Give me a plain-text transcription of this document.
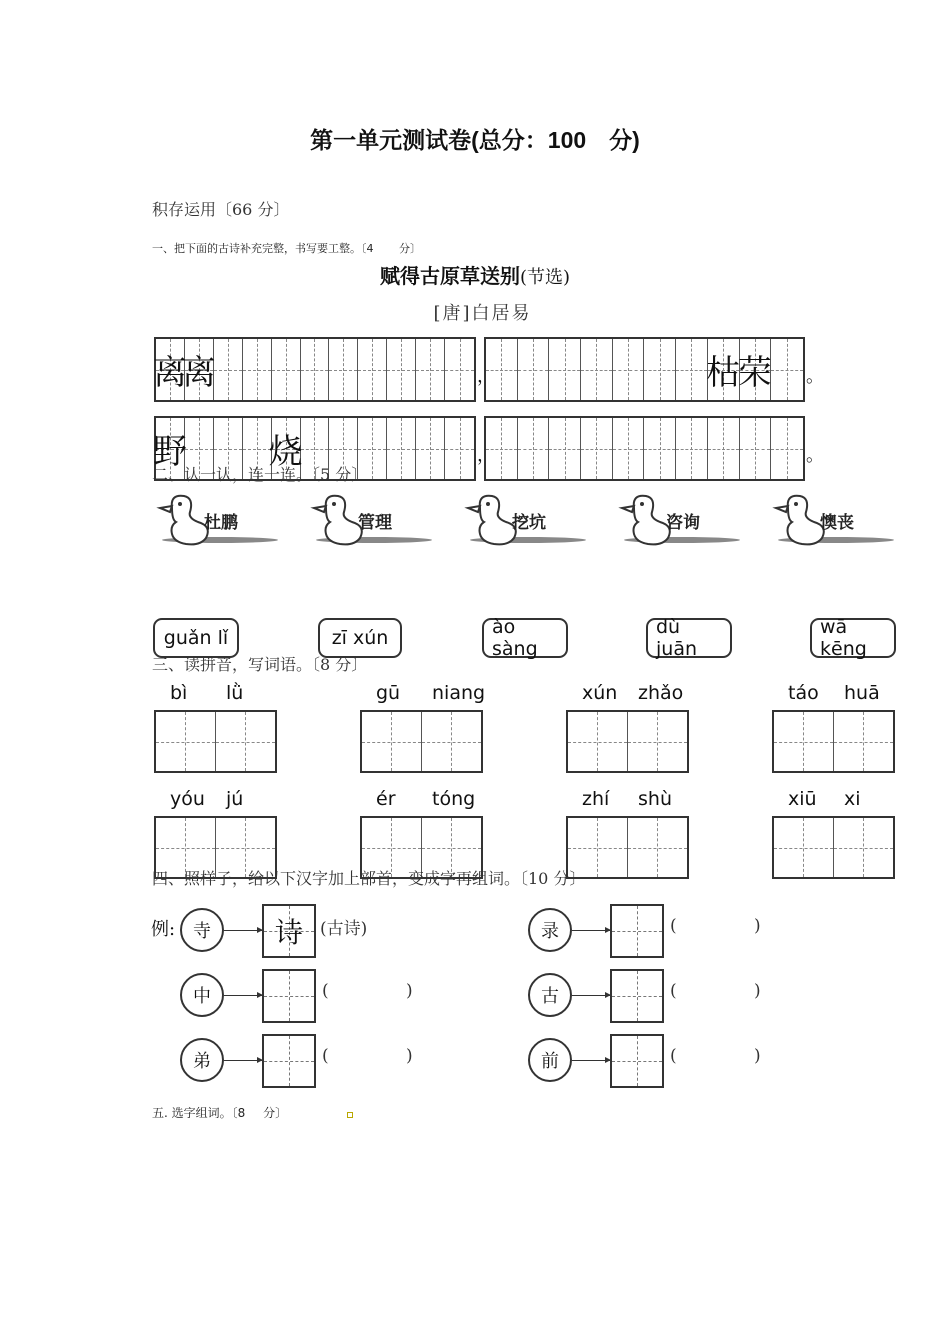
第一单元测试卷(总分：100　分)
积存运用〔66 分〕
一、把下面的古诗补充完整，书写要工整。〔4 分〕
赋得古原草送别(节选)
[唐]白居易
离
离	，	枯
荣 。
野 烧	，	。
二、认一认，连一连。〔5 分〕
杜鹏	管理	挖坑	咨询	懊丧
guǎn lǐ	zī xún	ào sàng
dù juān
wā kēng
三、读拼音，写词语。〔8 分〕
bì lǜ	gū niang	xún zhǎo	táo huā
yóu jú	ér tóng	zhí shù	xiū xi
四、照样子，给以下汉字加上部首，变成字再组词。〔10 分〕
例: 寺	诗	(古诗)	录	(	)
中	(	)	古	(	)
弟	(	)	前	(	)
五. 选字组词。〔8 分〕
